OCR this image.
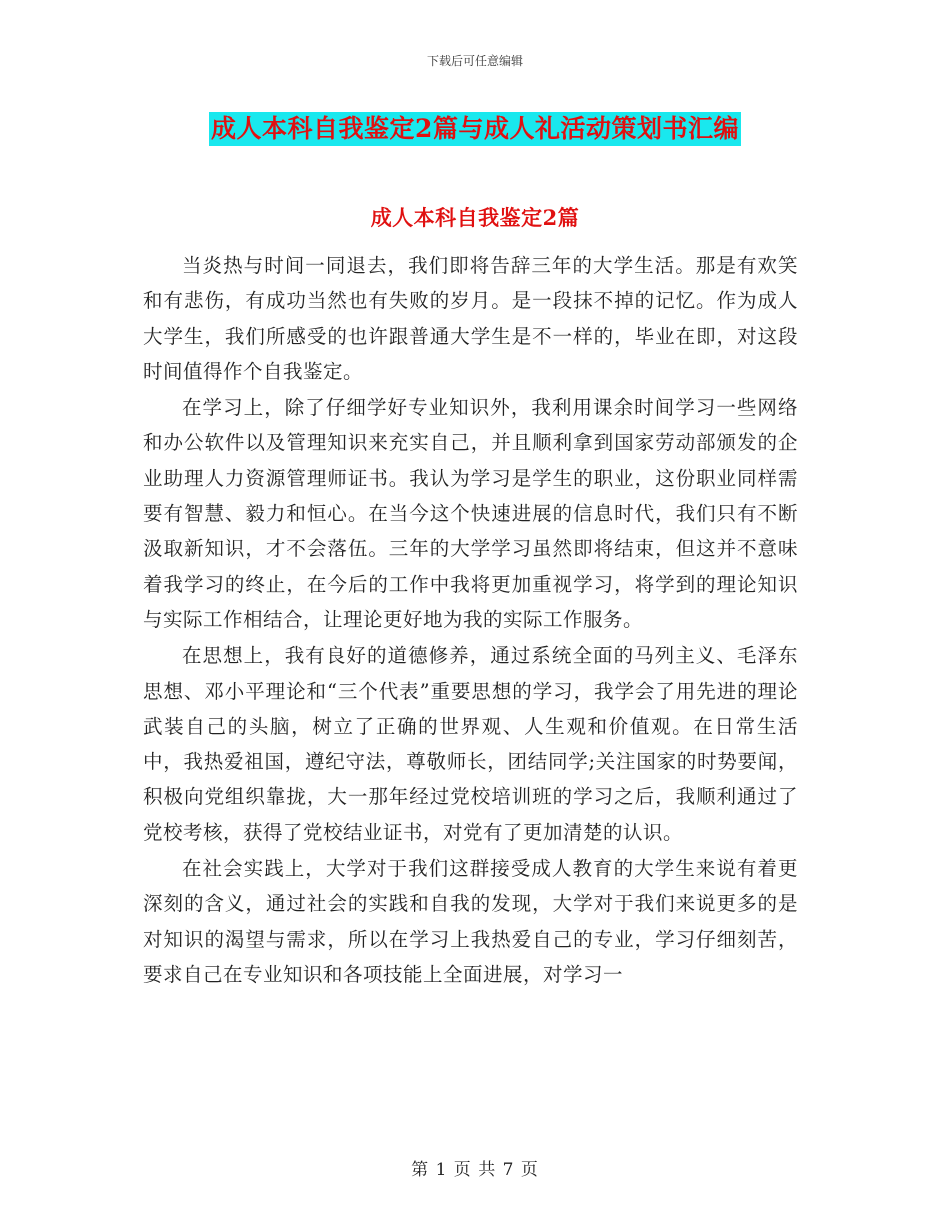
下载后可任意编辑
成人本科自我鉴定2篇与成人礼活动策划书汇编
成人本科自我鉴定2篇

当炎热与时间一同退去，我们即将告辞三年的大学生活。那是有欢笑和有悲伤，有成功当然也有失败的岁月。是一段抹不掉的记忆。作为成人大学生，我们所感受的也许跟普通大学生是不一样的，毕业在即，对这段时间值得作个自我鉴定。

在学习上，除了仔细学好专业知识外，我利用课余时间学习一些网络和办公软件以及管理知识来充实自己，并且顺利拿到国家劳动部颁发的企业助理人力资源管理师证书。我认为学习是学生的职业，这份职业同样需要有智慧、毅力和恒心。在当今这个快速进展的信息时代，我们只有不断汲取新知识，才不会落伍。三年的大学学习虽然即将结束，但这并不意味着我学习的终止，在今后的工作中我将更加重视学习，将学到的理论知识与实际工作相结合，让理论更好地为我的实际工作服务。

在思想上，我有良好的道德修养，通过系统全面的马列主义、毛泽东思想、邓小平理论和“三个代表”重要思想的学习，我学会了用先进的理论武装自己的头脑，树立了正确的世界观、人生观和价值观。在日常生活中，我热爱祖国，遵纪守法，尊敬师长，团结同学;关注国家的时势要闻，积极向党组织靠拢，大一那年经过党校培训班的学习之后，我顺利通过了党校考核，获得了党校结业证书，对党有了更加清楚的认识。

在社会实践上，大学对于我们这群接受成人教育的大学生来说有着更深刻的含义，通过社会的实践和自我的发现，大学对于我们来说更多的是对知识的渴望与需求，所以在学习上我热爱自己的专业，学习仔细刻苦，要求自己在专业知识和各项技能上全面进展，对学习一

第 1 页 共 7 页
